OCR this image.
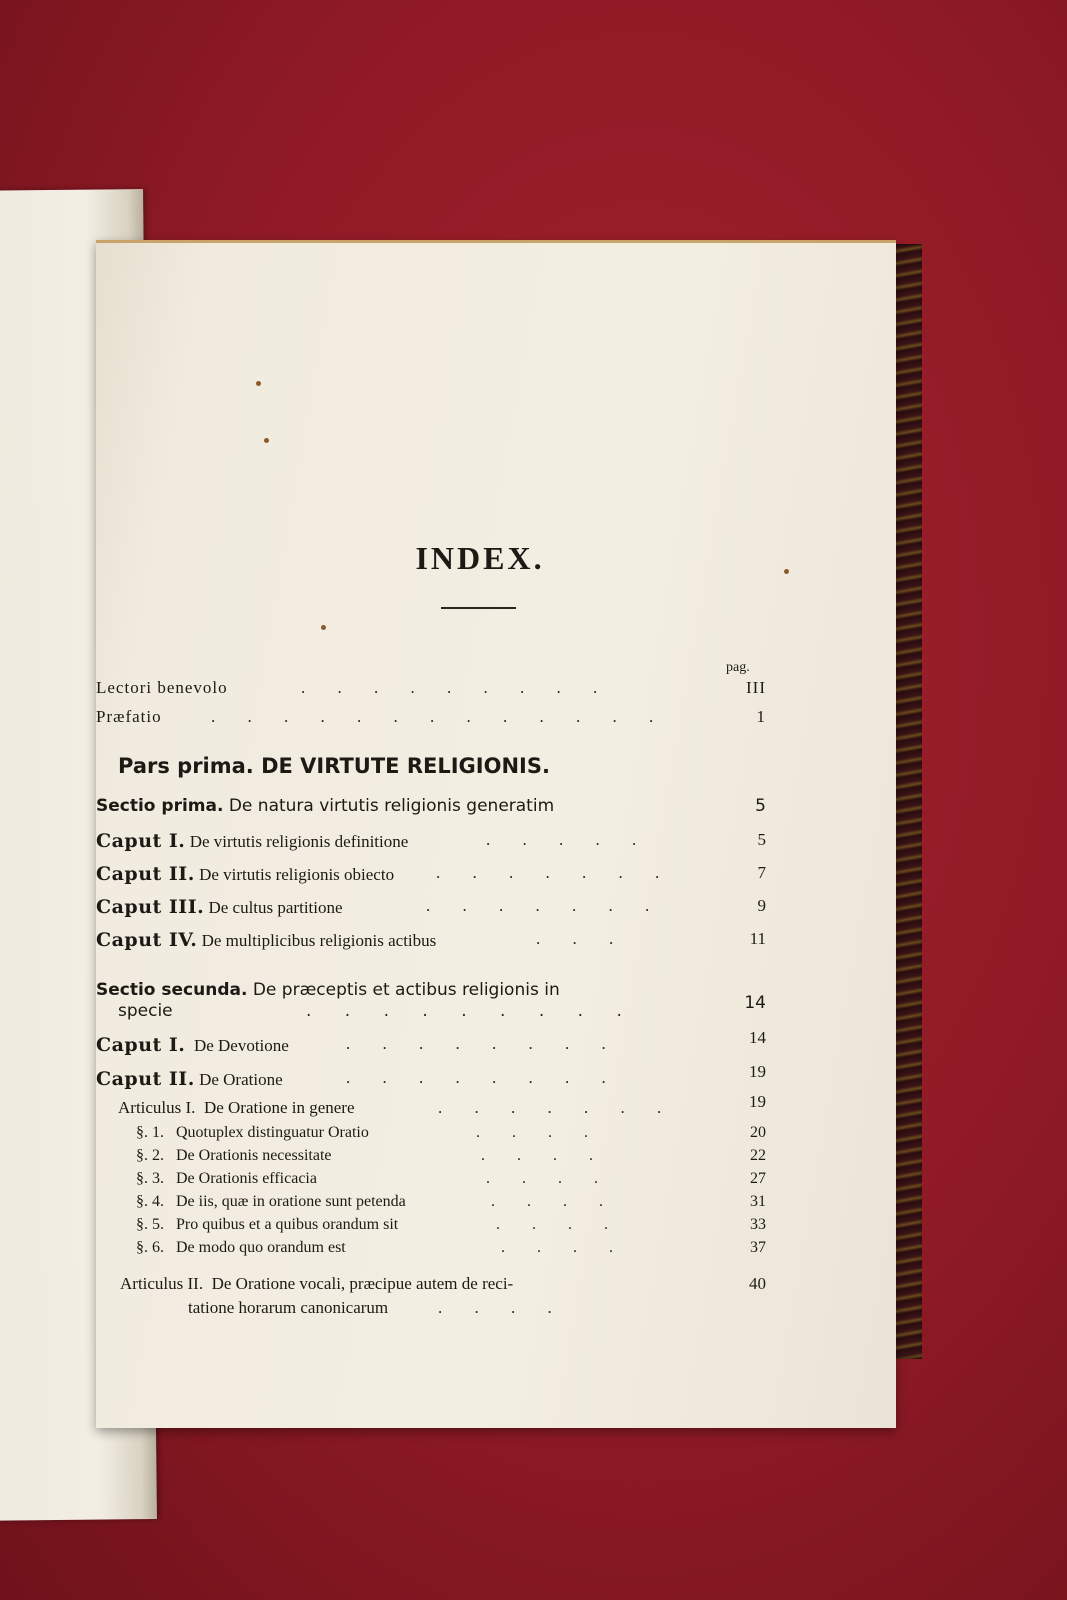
INDEX.
pag.
Lectori benevolo	. . . . . . . . .	III
Præfatio	. . . . . . . . . . . . .	1
Pars prima. DE VIRTUTE RELIGIONIS.
Sectio prima. De natura virtutis religionis generatim	5
Caput I. De virtutis religionis definitione	. . . . .	5
Caput II. De virtutis religionis obiecto . . . . . . .	7
Caput III. De cultus partitione	. . . . . . .	9
Caput IV. De multiplicibus religionis actibus	. . .	11
Sectio secunda. De præceptis et actibus religionis in
specie	. . . . . . . . .	14
Caput I. De Devotione	. . . . . . . .	14
Caput II. De Oratione	. . . . . . . .	19
Articulus I. De Oratione in genere	. . . . . . .	19
§. 1. Quotuplex distinguatur Oratio	. . . .	20
§. 2. De Orationis necessitate	. . . .	22
§. 3. De Orationis efficacia	. . . .	27
§. 4. De iis, quæ in oratione sunt petenda	. . . .	31
§. 5. Pro quibus et a quibus orandum sit	. . . .	33
§. 6. De modo quo orandum est	. . . .	37
Articulus II. De Oratione vocali, præcipue autem de reci-	40
tatione horarum canonicarum	. . . .
